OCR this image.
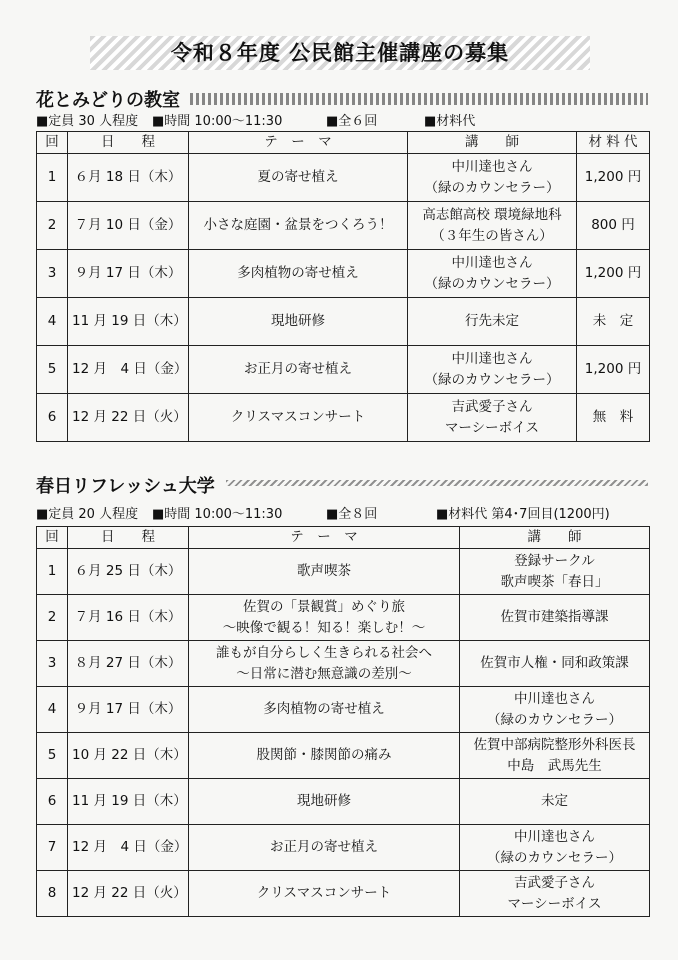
令和８年度 公民館主催講座の募集
花とみどりの教室
■定員 30 人程度 ■時間 10:00〜11:30	■全６回	■材料代
回	日　　程	テ　ー　マ	講　　師	材 料 代
1	６月 18 日（木）	夏の寄せ植え	中川達也さん
（緑のカウンセラー）	1,200 円
2	７月 10 日（金）	小さな庭園・盆景をつくろう！	高志館高校 環境緑地科
（３年生の皆さん）	800 円
3	９月 17 日（木）	多肉植物の寄せ植え	中川達也さん
（緑のカウンセラー）	1,200 円
4	11 月 19 日（木）	現地研修	行先未定	未　定
5	12 月　4 日（金）	お正月の寄せ植え	中川達也さん
（緑のカウンセラー）	1,200 円
6	12 月 22 日（火）	クリスマスコンサート	吉武愛子さん
マーシーボイス	無　料
春日リフレッシュ大学
■定員 20 人程度 ■時間 10:00〜11:30	■全８回	■材料代 第4･7回目(1200円)
回	日　　程	テ　ー　マ	講　　師
1	６月 25 日（木）	歌声喫茶	登録サークル
歌声喫茶「春日」

2	７月 16 日（木）	佐賀の「景観賞」めぐり旅
〜映像で観る！知る！楽しむ！〜	佐賀市建築指導課
3	８月 27 日（木）	誰もが自分らしく生きられる社会へ
〜日常に潜む無意識の差別〜	佐賀市人権・同和政策課
4	９月 17 日（木）	多肉植物の寄せ植え	中川達也さん
（緑のカウンセラー）

5	10 月 22 日（木）	股関節・膝関節の痛み	佐賀中部病院整形外科医長
中島　武馬先生

6	11 月 19 日（木）	現地研修	未定
7	12 月　4 日（金）	お正月の寄せ植え	中川達也さん
（緑のカウンセラー）

8	12 月 22 日（火）	クリスマスコンサート	吉武愛子さん
マーシーボイス
